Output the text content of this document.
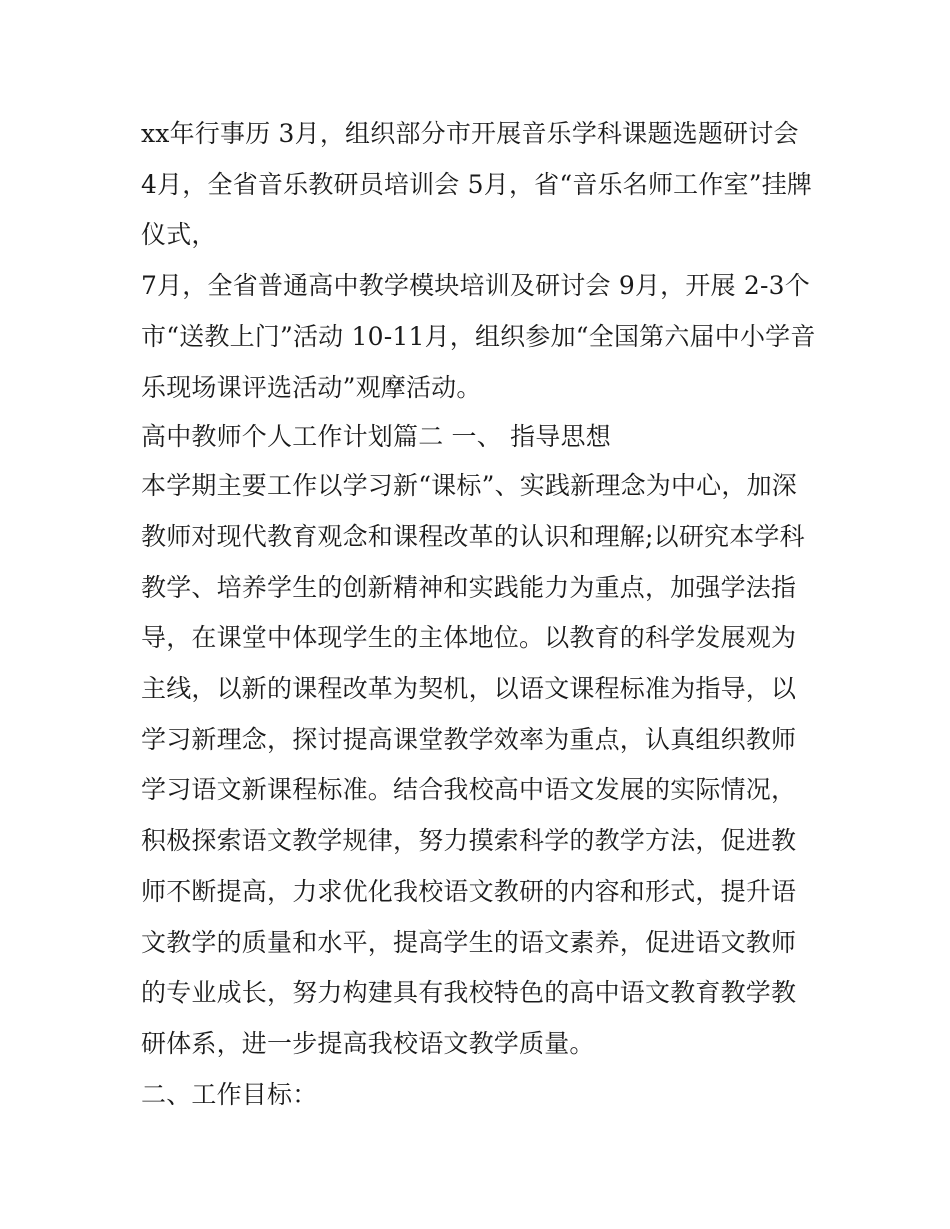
xx年行事历 3月，组织部分市开展音乐学科课题选题研讨会 4月，全省音乐教研员培训会 5月，省“音乐名师工作室”挂牌仪式，

7月，全省普通高中教学模块培训及研讨会 9月，开展 2-3个市“送教上门”活动 10-11月，组织参加“全国第六届中小学音乐现场课评选活动”观摩活动。

高中教师个人工作计划篇二 一、 指导思想

本学期主要工作以学习新“课标”、实践新理念为中心，加深教师对现代教育观念和课程改革的认识和理解;以研究本学科教学、培养学生的创新精神和实践能力为重点，加强学法指导，在课堂中体现学生的主体地位。以教育的科学发展观为主线，以新的课程改革为契机，以语文课程标准为指导，以学习新理念，探讨提高课堂教学效率为重点，认真组织教师学习语文新课程标准。结合我校高中语文发展的实际情况，积极探索语文教学规律，努力摸索科学的教学方法，促进教师不断提高，力求优化我校语文教研的内容和形式，提升语文教学的质量和水平，提高学生的语文素养，促进语文教师的专业成长，努力构建具有我校特色的高中语文教育教学教研体系，进一步提高我校语文教学质量。

二、工作目标：
